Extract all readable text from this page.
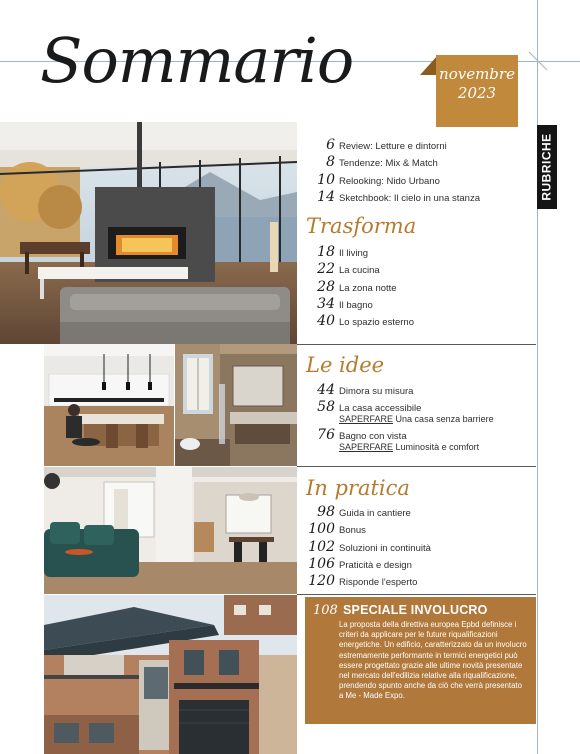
Sommario	novembre
2023
RUBRICHE
6 Review: Letture e dintorni
8 Tendenze: Mix & Match
10 Relooking: Nido Urbano
14 Sketchbook: Il cielo in una stanza
Trasforma
18 Il living
22 La cucina
28 La zona notte
34 Il bagno
40 Lo spazio esterno
Le idee
44 Dimora su misura
58 La casa accessibile
SAPERFARE Una casa senza barriere
76 Bagno con vista
SAPERFARE Luminosità e comfort
In pratica
98 Guida in cantiere
100 Bonus
102 Soluzioni in continuità
106 Praticità e design
120 Risponde l'esperto
108 SPECIALE INVOLUCRO

La proposta della direttiva europea Epbd definisce i criteri da applicare per le future riqualificazioni energetiche. Un edificio, caratterizzato da un involucro estremamente performante in termici energetici può essere progettato grazie alle ultime novità presentate nel mercato dell'edilizia relative alla riqualificazione, prendendo spunto anche da ciò che verrà presentato a Me - Made Expo.
